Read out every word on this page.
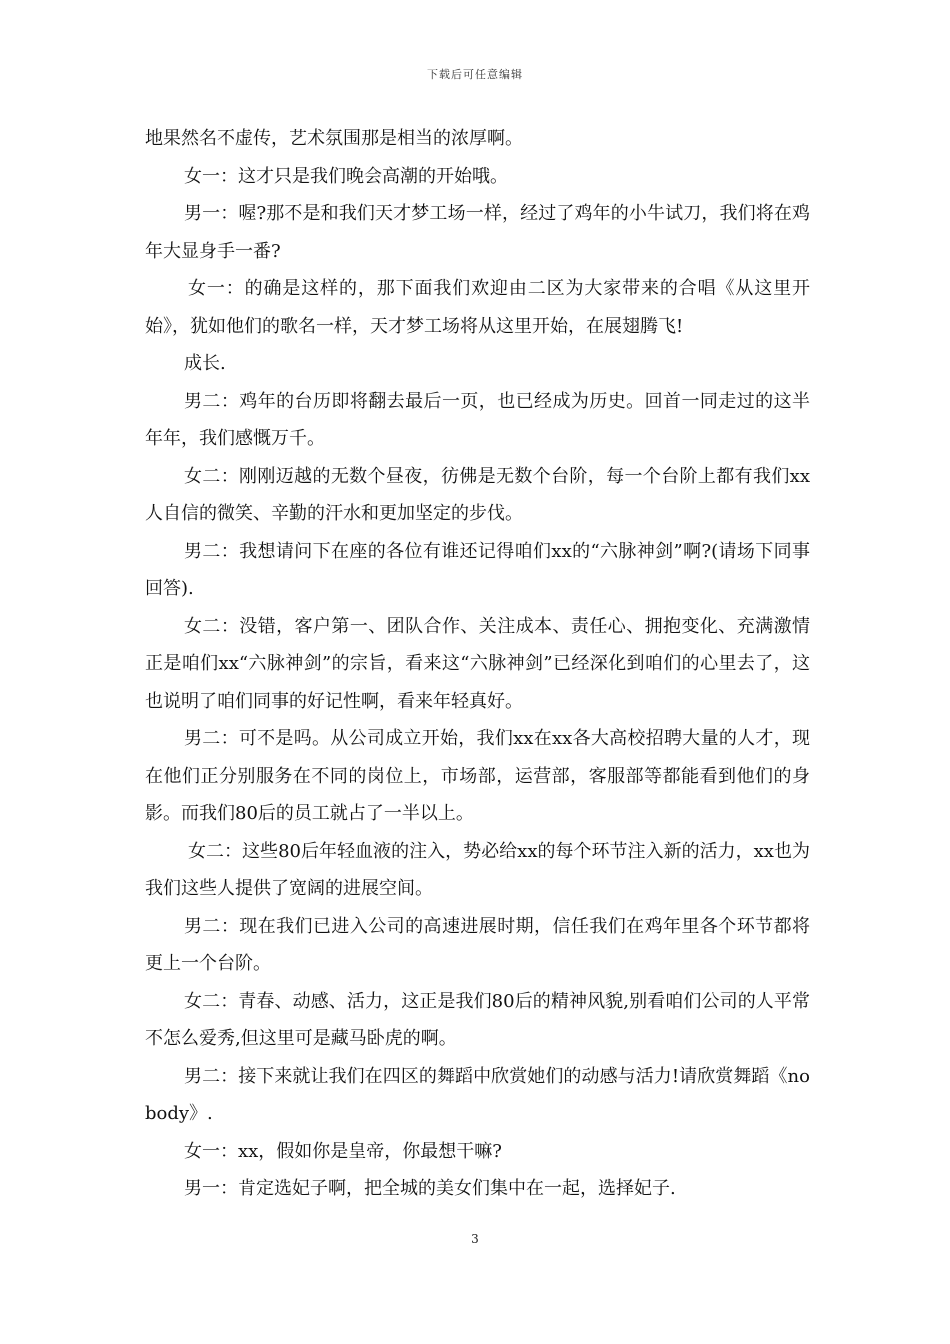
下载后可任意编辑

地果然名不虚传，艺术氛围那是相当的浓厚啊。

女一：这才只是我们晚会高潮的开始哦。

男一：喔?那不是和我们天才梦工场一样，经过了鸡年的小牛试刀，我们将在鸡年大显身手一番?

女一：的确是这样的，那下面我们欢迎由二区为大家带来的合唱《从这里开始》，犹如他们的歌名一样，天才梦工场将从这里开始，在展翅腾飞!

成长.

男二：鸡年的台历即将翻去最后一页，也已经成为历史。回首一同走过的这半年年，我们感慨万千。

女二：刚刚迈越的无数个昼夜，彷佛是无数个台阶，每一个台阶上都有我们xx人自信的微笑、辛勤的汗水和更加坚定的步伐。

男二：我想请问下在座的各位有谁还记得咱们xx的“六脉神剑”啊?(请场下同事回答).

女二：没错，客户第一、团队合作、关注成本、责任心、拥抱变化、充满激情正是咱们xx“六脉神剑”的宗旨，看来这“六脉神剑”已经深化到咱们的心里去了，这也说明了咱们同事的好记性啊，看来年轻真好。

男二：可不是吗。从公司成立开始，我们xx在xx各大高校招聘大量的人才，现在他们正分别服务在不同的岗位上，市场部，运营部，客服部等都能看到他们的身影。而我们80后的员工就占了一半以上。

女二：这些80后年轻血液的注入，势必给xx的每个环节注入新的活力，xx也为我们这些人提供了宽阔的进展空间。

男二：现在我们已进入公司的高速进展时期，信任我们在鸡年里各个环节都将更上一个台阶。

女二：青春、动感、活力，这正是我们80后的精神风貌,别看咱们公司的人平常不怎么爱秀,但这里可是藏马卧虎的啊。

男二：接下来就让我们在四区的舞蹈中欣赏她们的动感与活力!请欣赏舞蹈《nobody》.

女一：xx，假如你是皇帝，你最想干嘛?

男一：肯定选妃子啊，把全城的美女们集中在一起，选择妃子.

3
